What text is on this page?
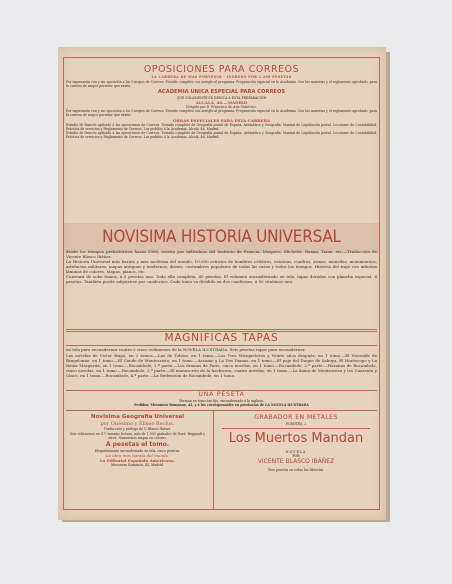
OPOSICIONES PARA CORREOS
LA CARRERA DE MAS PORVENIR · INGRESO POR 1.200 PESETAS
Por ingresarán con y sin oposición a los Cuerpos de Correos. Estudio completo con arreglo al programa. Preparación especial en la Academia. Con las materias y el reglamento aprobado, para la carrera de mayor porvenir que existe.
ACADEMIA UNICA ESPECIAL PARA CORREOS
QUE SOLAMENTE SE DEDICA A ESTA PREPARACIÓN
ALCALÁ, 46.—MADRID
Dirigida por D. Francisco de Asís Gutiérrez.
Por ingresarán con y sin oposición a los Cuerpos de Correos. Estudio completo con arreglo al programa. Preparación especial en la Academia. Con las materias y el reglamento aprobado, para la carrera de mayor porvenir que existe.
OBRAS ESPECIALES PARA ESTA CARRERA
Estudio de francés aplicado á las oposiciones de Correos. Tratado completo de Geografía postal de España. Aritmética y Geografía. Manual de Legislación postal. Lecciones de Contabilidad, Práctica de servicios y Reglamento de Correos. Los pedidos á la Academia, Alcalá, 46, Madrid.
Estudio de francés aplicado á las oposiciones de Correos. Tratado completo de Geografía postal de España. Aritmética y Geografía. Manual de Legislación postal. Lecciones de Contabilidad, Práctica de servicios y Reglamento de Correos. Los pedidos á la Academia, Alcalá, 46, Madrid.
NOVISIMA HISTORIA UNIVERSAL
desde los tiempos prehistóricos hasta 1908, escrita por individuos del Instituto de Francia: Maspero, Michelet, Renan, Taine, etc.—Traducción de Vicente Blasco Ibáñez.
La Historia Universal más barata y más moderna del mundo, 10.000 retratos de hombres célebres, estatuas, cuadros, armas, monedas, monumentos, artefactos militares, mapas antiguos y modernos, dioses, costumbres populares de todas las razas y todos los tiempos. Historia del traje con infinitas láminas de colores. Mapas, planos, etc.
Constará de ocho tomos, á 5 pesetas uno. Toda ella completa, 40 pesetas. El volumen encuadernado en tela, tapas doradas con plancha especial, 6 pesetas. También puede adquirirse por cuadernos. Cada tomo va dividido en dos cuadernos, á 50 céntimos uno.
MAGNIFICAS TAPAS
en tela para encuadernar cuatro ó cinco volúmenes de la NOVELA ILUSTRADA. Seis pesetas tapas para encuadernar.
Las novelas de Victor Hugo, en 2 tomos.—Las de Tolstoi, en 1 tomo.—Los Tres Mosqueteros y Veinte años después, en 1 tomo.—El Vizconde de Bragelonne, en 1 tomo.—El Conde de Montecristo, en 1 tomo.—Ascanio y La Dos Dianas, en 1 tomo.—El paje del Duque de Saboya, El Horóscopo y La Reina Margarita, en 1 tomo.—Rocambole, 1.ª parte.—Los dramas de París, cinco novelas, en 1 tomo.—Rocambole, 2.ª parte.—Hazañas de Rocambole, cinco novelas, en 1 tomo.—Rocambole, 3.ª parte.—El manuscrito de la hechicera, cuatro novelas, en 1 tomo.—La dama de Montsoreau y los Cuarenta y Cinco, en 1 tomo.—Rocambole, 4.ª parte.—La Redención de Rocambole, en 1 tomo.
UNA PESETA
Forman en tomo tan fijo, encuadernado á la inglesa.
Pedidos: Mesonero Romanos, 42, y á los corresponsales en provincias de LA NOVELA ILUSTRADA
Novisima Geografia Universal
por Onésimo y Eliseo Reclus.
Traducción y prólogo de V. Blasco Ibáñez.
Seis volúmenes en 4.º, tamaño lectura, más de 1.000 grabados de Doré, Regnault y otros. Numerosos mapas en colores.
A pesetas el tomo.
Elegantemente encuadernado en tela, cinco pesetas.
La obra más barata del mundo.
La Editorial Española Americana.
Mesonero Romanos, 42, Madrid.
GRABADOR EN METALES
FUENTES, 2
Los Muertos Mandan
NOVELA
POR
VICENTE BLASCO IBÁÑEZ
Tres pesetas en todas las librerías.
